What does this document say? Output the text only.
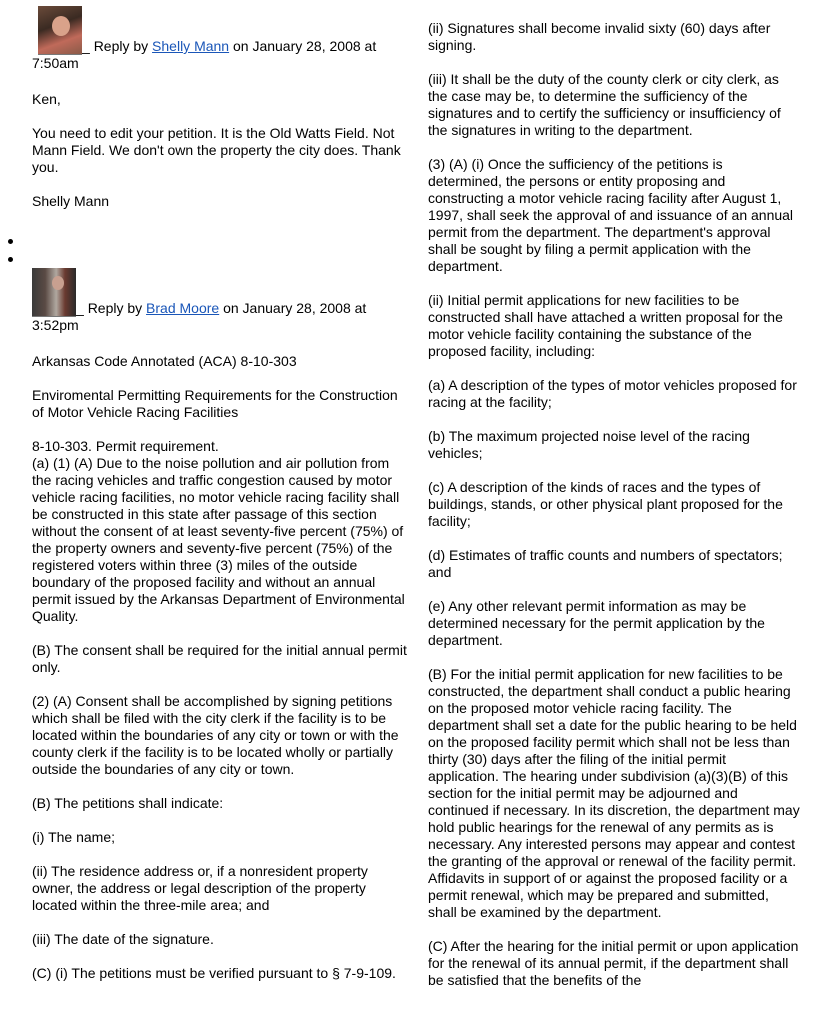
_ Reply by Shelly Mann on January 28, 2008 at
7:50am

Ken,

You need to edit your petition. It is the Old Watts Field. Not Mann Field. We don't own the property the city does. Thank you.

Shelly Mann

_ Reply by Brad Moore on January 28, 2008 at
3:52pm

Arkansas Code Annotated (ACA) 8-10-303

Enviromental Permitting Requirements for the Construction of Motor Vehicle Racing Facilities

8-10-303. Permit requirement.

(a) (1) (A) Due to the noise pollution and air pollution from the racing vehicles and traffic congestion caused by motor vehicle racing facilities, no motor vehicle racing facility shall be constructed in this state after passage of this section without the consent of at least seventy-five percent (75%) of the property owners and seventy-five percent (75%) of the registered voters within three (3) miles of the outside boundary of the proposed facility and without an annual permit issued by the Arkansas Department of Environmental Quality.

(B) The consent shall be required for the initial annual permit only.

(2) (A) Consent shall be accomplished by signing petitions which shall be filed with the city clerk if the facility is to be located within the boundaries of any city or town or with the county clerk if the facility is to be located wholly or partially outside the boundaries of any city or town.

(B) The petitions shall indicate:

(i) The name;

(ii) The residence address or, if a nonresident property owner, the address or legal description of the property located within the three-mile area; and

(iii) The date of the signature.

(C) (i) The petitions must be verified pursuant to § 7-9-109.

(ii) Signatures shall become invalid sixty (60) days after signing.

(iii) It shall be the duty of the county clerk or city clerk, as the case may be, to determine the sufficiency of the signatures and to certify the sufficiency or insufficiency of the signatures in writing to the department.

(3) (A) (i) Once the sufficiency of the petitions is determined, the persons or entity proposing and constructing a motor vehicle racing facility after August 1, 1997, shall seek the approval of and issuance of an annual permit from the department. The department's approval shall be sought by filing a permit application with the department.

(ii) Initial permit applications for new facilities to be constructed shall have attached a written proposal for the motor vehicle facility containing the substance of the proposed facility, including:

(a) A description of the types of motor vehicles proposed for racing at the facility;

(b) The maximum projected noise level of the racing vehicles;

(c) A description of the kinds of races and the types of buildings, stands, or other physical plant proposed for the facility;

(d) Estimates of traffic counts and numbers of spectators; and

(e) Any other relevant permit information as may be determined necessary for the permit application by the department.

(B) For the initial permit application for new facilities to be constructed, the department shall conduct a public hearing on the proposed motor vehicle racing facility. The department shall set a date for the public hearing to be held on the proposed facility permit which shall not be less than thirty (30) days after the filing of the initial permit application. The hearing under subdivision (a)(3)(B) of this section for the initial permit may be adjourned and continued if necessary. In its discretion, the department may hold public hearings for the renewal of any permits as is necessary. Any interested persons may appear and contest the granting of the approval or renewal of the facility permit. Affidavits in support of or against the proposed facility or a permit renewal, which may be prepared and submitted, shall be examined by the department.

(C) After the hearing for the initial permit or upon application for the renewal of its annual permit, if the department shall be satisfied that the benefits of the
